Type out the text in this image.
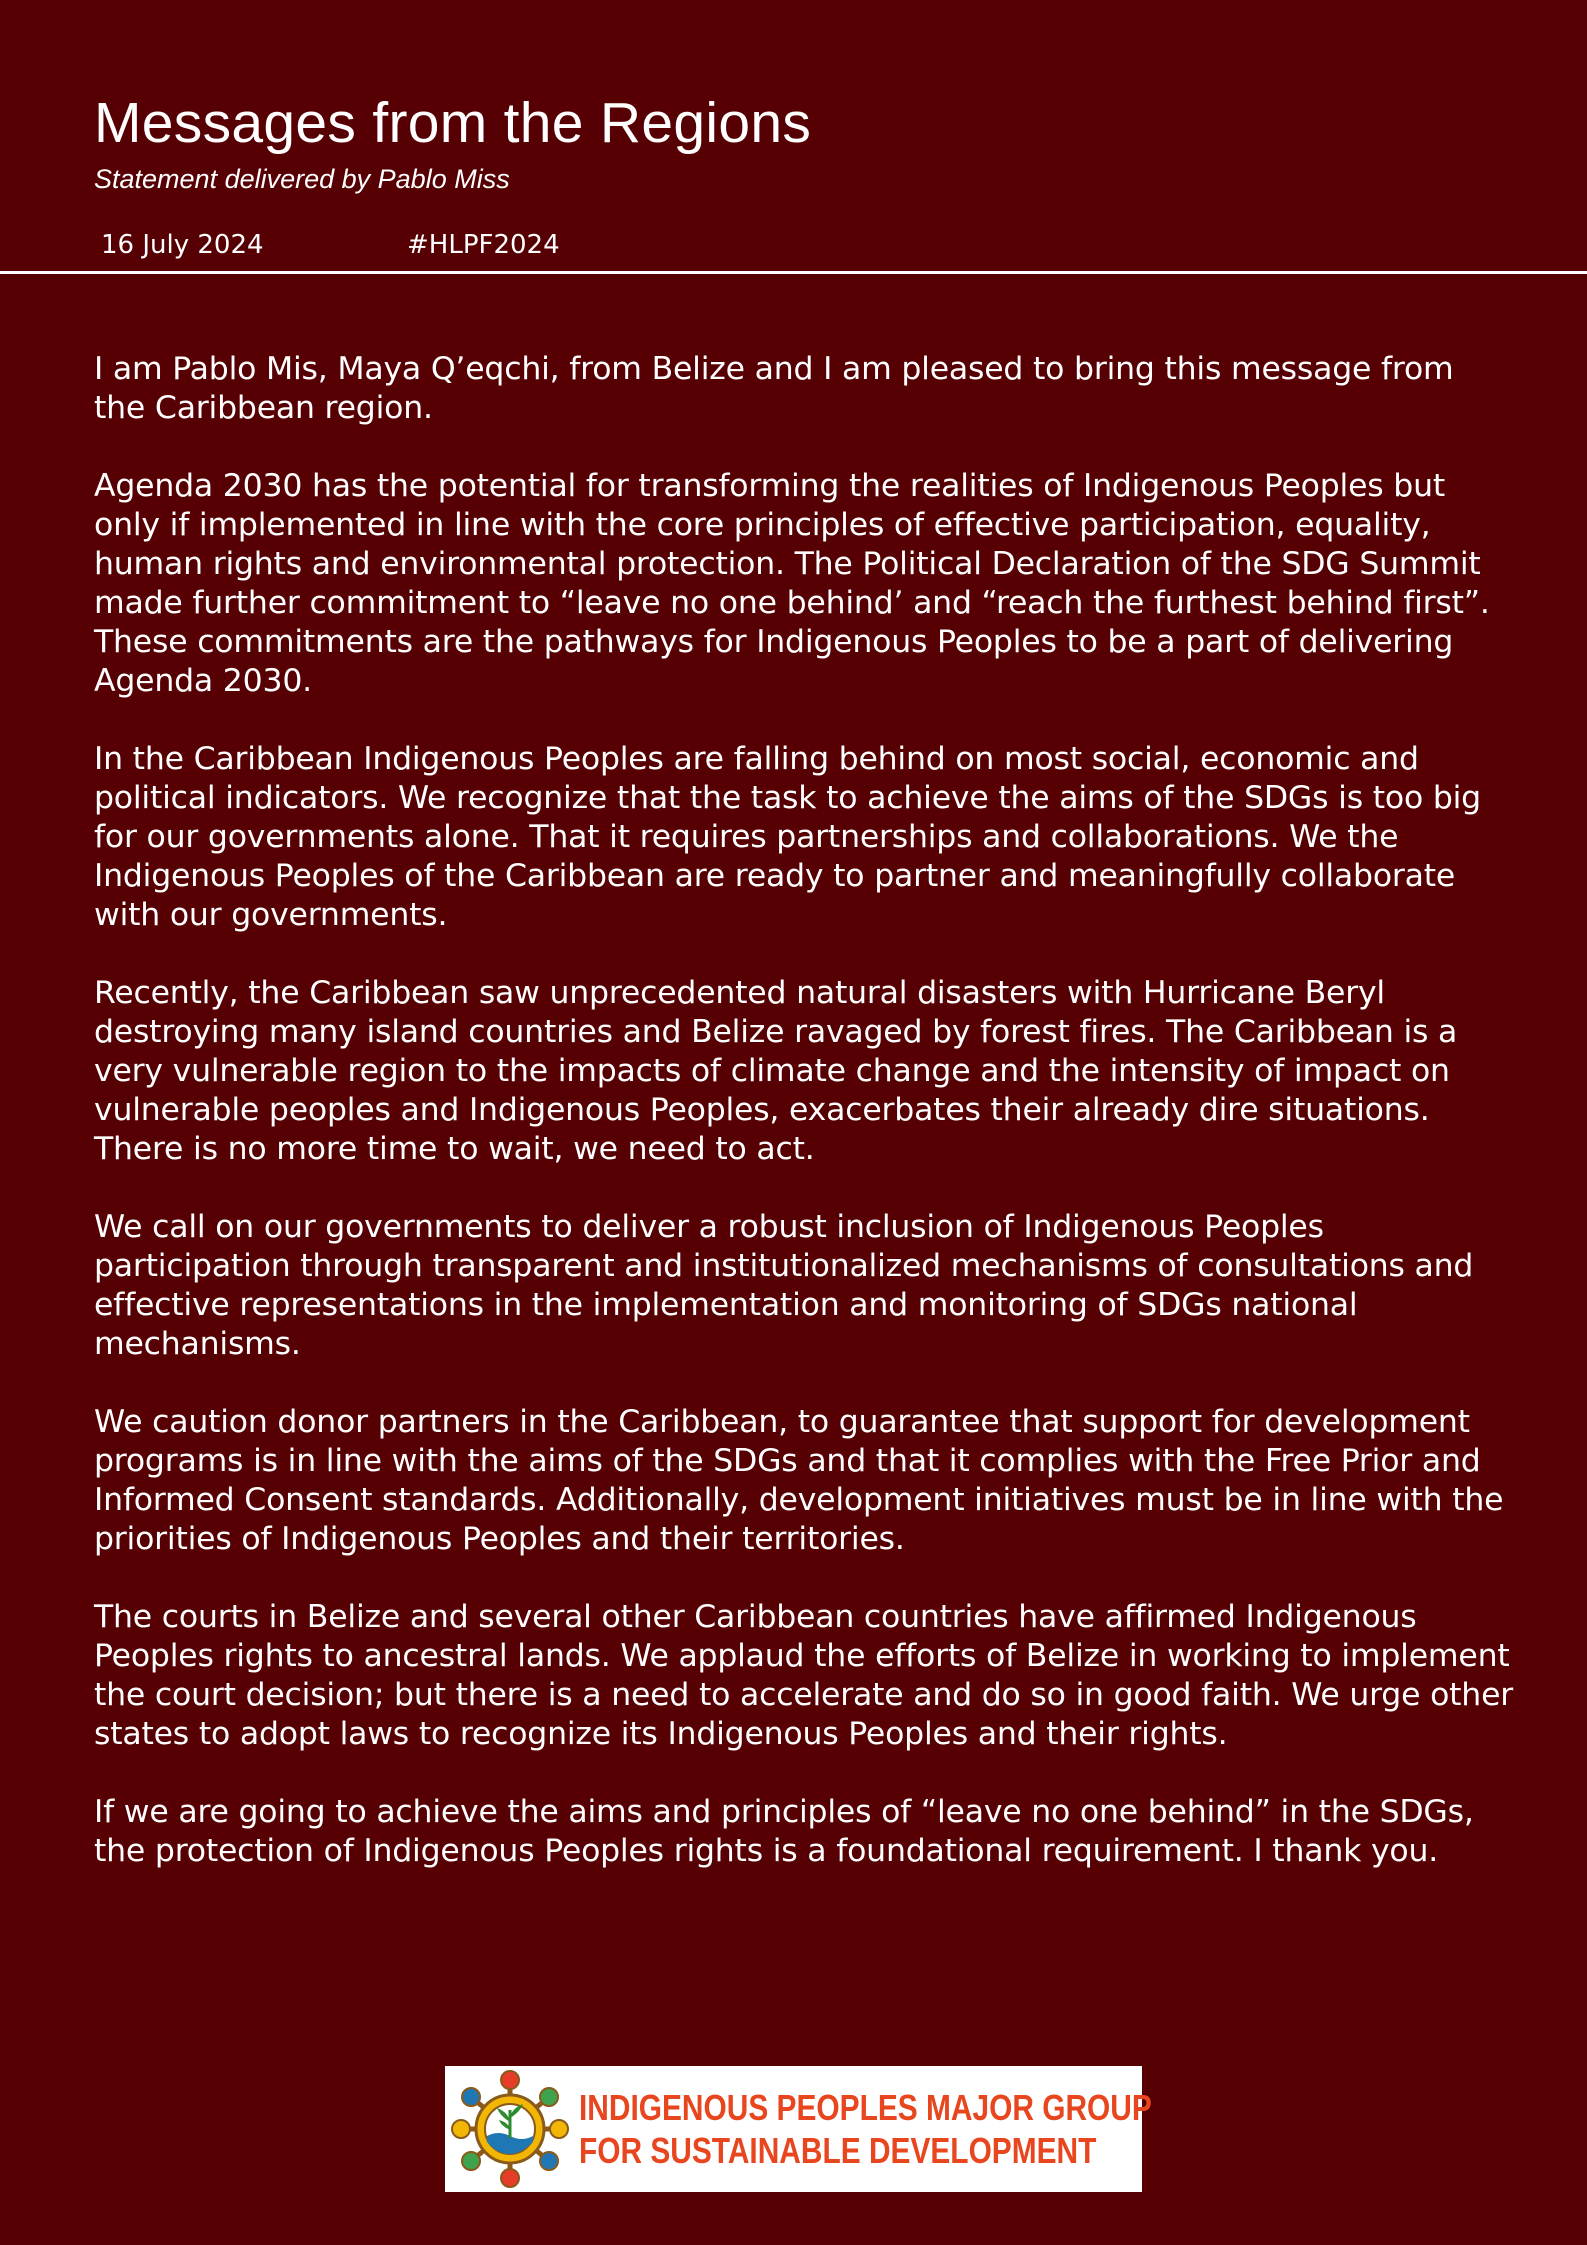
Messages from the Regions
Statement delivered by Pablo Miss
16 July 2024	#HLPF2024

I am Pablo Mis, Maya Q’eqchi, from Belize and I am pleased to bring this message from the Caribbean region.

Agenda 2030 has the potential for transforming the realities of Indigenous Peoples but only if implemented in line with the core principles of effective participation, equality, human rights and environmental protection. The Political Declaration of the SDG Summit made further commitment to “leave no one behind’ and “reach the furthest behind first”. These commitments are the pathways for Indigenous Peoples to be a part of delivering Agenda 2030.

In the Caribbean Indigenous Peoples are falling behind on most social, economic and political indicators. We recognize that the task to achieve the aims of the SDGs is too big for our governments alone. That it requires partnerships and collaborations. We the Indigenous Peoples of the Caribbean are ready to partner and meaningfully collaborate with our governments.

Recently, the Caribbean saw unprecedented natural disasters with Hurricane Beryl destroying many island countries and Belize ravaged by forest fires. The Caribbean is a very vulnerable region to the impacts of climate change and the intensity of impact on vulnerable peoples and Indigenous Peoples, exacerbates their already dire situations. There is no more time to wait, we need to act.

We call on our governments to deliver a robust inclusion of Indigenous Peoples participation through transparent and institutionalized mechanisms of consultations and effective representations in the implementation and monitoring of SDGs national mechanisms.

We caution donor partners in the Caribbean, to guarantee that support for development programs is in line with the aims of the SDGs and that it complies with the Free Prior and Informed Consent standards. Additionally, development initiatives must be in line with the priorities of Indigenous Peoples and their territories.

The courts in Belize and several other Caribbean countries have affirmed Indigenous Peoples rights to ancestral lands. We applaud the efforts of Belize in working to implement the court decision; but there is a need to accelerate and do so in good faith. We urge other states to adopt laws to recognize its Indigenous Peoples and their rights.

If we are going to achieve the aims and principles of “leave no one behind” in the SDGs, the protection of Indigenous Peoples rights is a foundational requirement. I thank you.

INDIGENOUS PEOPLES MAJOR GROUP
FOR SUSTAINABLE DEVELOPMENT
